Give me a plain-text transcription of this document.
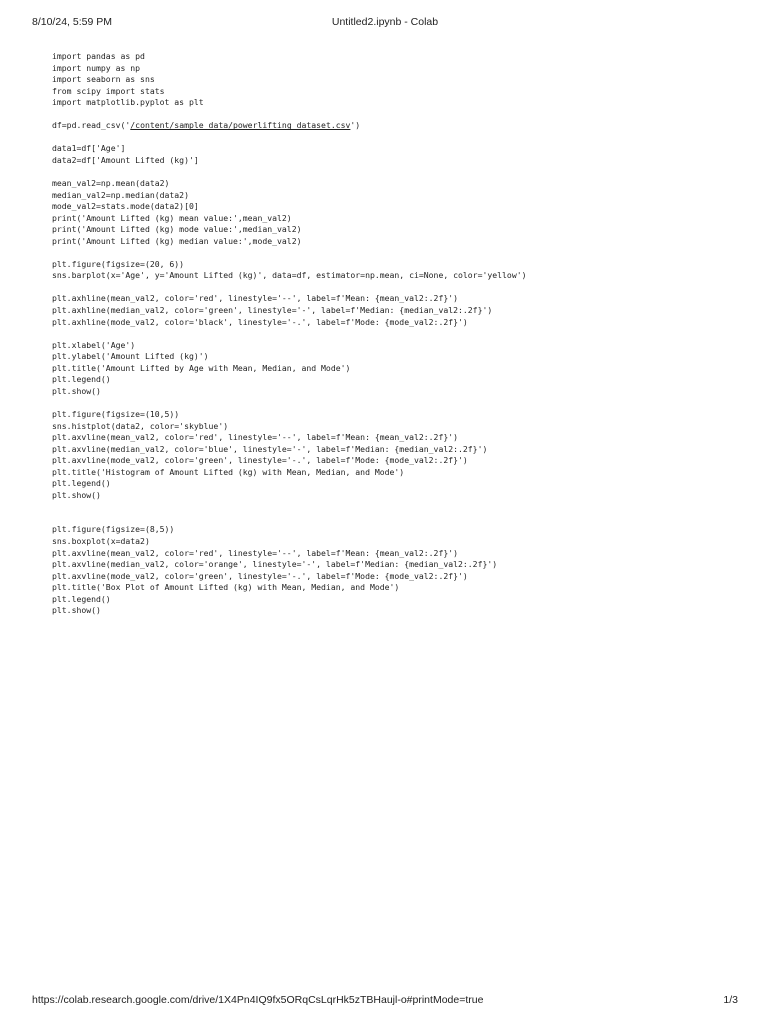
8/10/24, 5:59 PM	Untitled2.ipynb - Colab
import pandas as pd
import numpy as np
import seaborn as sns
from scipy import stats
import matplotlib.pyplot as plt
df=pd.read_csv('/content/sample_data/powerlifting_dataset.csv')
data1=df['Age']
data2=df['Amount Lifted (kg)']
mean_val2=np.mean(data2)
median_val2=np.median(data2)
mode_val2=stats.mode(data2)[0]
print('Amount Lifted (kg) mean value:',mean_val2)
print('Amount Lifted (kg) mode value:',median_val2)
print('Amount Lifted (kg) median value:',mode_val2)
plt.figure(figsize=(20, 6))
sns.barplot(x='Age', y='Amount Lifted (kg)', data=df, estimator=np.mean, ci=None, color='yellow')
plt.axhline(mean_val2, color='red', linestyle='--', label=f'Mean: {mean_val2:.2f}')
plt.axhline(median_val2, color='green', linestyle='-', label=f'Median: {median_val2:.2f}')
plt.axhline(mode_val2, color='black', linestyle='-.', label=f'Mode: {mode_val2:.2f}')
plt.xlabel('Age')
plt.ylabel('Amount Lifted (kg)')
plt.title('Amount Lifted by Age with Mean, Median, and Mode')
plt.legend()
plt.show()
plt.figure(figsize=(10,5))
sns.histplot(data2, color='skyblue')
plt.axvline(mean_val2, color='red', linestyle='--', label=f'Mean: {mean_val2:.2f}')
plt.axvline(median_val2, color='blue', linestyle='-', label=f'Median: {median_val2:.2f}')
plt.axvline(mode_val2, color='green', linestyle='-.', label=f'Mode: {mode_val2:.2f}')
plt.title('Histogram of Amount Lifted (kg) with Mean, Median, and Mode')
plt.legend()
plt.show()
plt.figure(figsize=(8,5))
sns.boxplot(x=data2)
plt.axvline(mean_val2, color='red', linestyle='--', label=f'Mean: {mean_val2:.2f}')
plt.axvline(median_val2, color='orange', linestyle='-', label=f'Median: {median_val2:.2f}')
plt.axvline(mode_val2, color='green', linestyle='-.', label=f'Mode: {mode_val2:.2f}')
plt.title('Box Plot of Amount Lifted (kg) with Mean, Median, and Mode')
plt.legend()
plt.show()
https://colab.research.google.com/drive/1X4Pn4IQ9fx5ORqCsLqrHk5zTBHaujl-o#printMode=true	1/3
